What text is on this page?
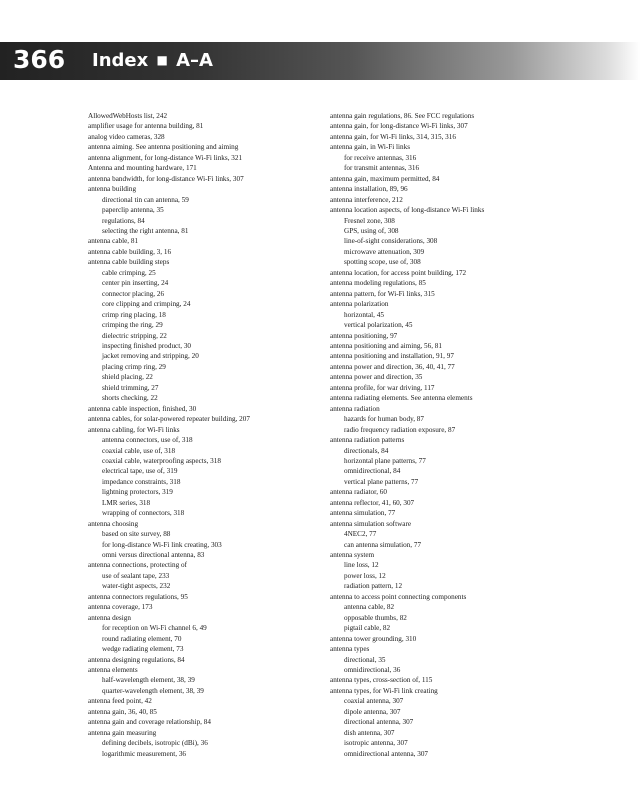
366 Index ■ A–A
AllowedWebHosts list, 242
amplifier usage for antenna building, 81
analog video cameras, 328
antenna aiming. See antenna positioning and aiming
antenna alignment, for long-distance Wi-Fi links, 321
Antenna and mounting hardware, 171
antenna bandwidth, for long-distance Wi-Fi links, 307
antenna building
directional tin can antenna, 59
paperclip antenna, 35
regulations, 84
selecting the right antenna, 81
antenna cable, 81
antenna cable building, 3, 16
antenna cable building steps
cable crimping, 25
center pin inserting, 24
connector placing, 26
core clipping and crimping, 24
crimp ring placing, 18
crimping the ring, 29
dielectric stripping, 22
inspecting finished product, 30
jacket removing and stripping, 20
placing crimp ring, 29
shield placing, 22
shield trimming, 27
shorts checking, 22
antenna cable inspection, finished, 30
antenna cables, for solar-powered repeater building, 207
antenna cabling, for Wi-Fi links
antenna connectors, use of, 318
coaxial cable, use of, 318
coaxial cable, waterproofing aspects, 318
electrical tape, use of, 319
impedance constraints, 318
lightning protectors, 319
LMR series, 318
wrapping of connectors, 318
antenna choosing
based on site survey, 88
for long-distance Wi-Fi link creating, 303
omni versus directional antenna, 83
antenna connections, protecting of
use of sealant tape, 233
water-tight aspects, 232
antenna connectors regulations, 95
antenna coverage, 173
antenna design
for reception on Wi-Fi channel 6, 49
round radiating element, 70
wedge radiating element, 73
antenna designing regulations, 84
antenna elements
half-wavelength element, 38, 39
quarter-wavelength element, 38, 39
antenna feed point, 42
antenna gain, 36, 40, 85
antenna gain and coverage relationship, 84
antenna gain measuring
defining decibels, isotropic (dBi), 36
logarithmic measurement, 36
antenna gain regulations, 86. See FCC regulations
antenna gain, for long-distance Wi-Fi links, 307
antenna gain, for Wi-Fi links, 314, 315, 316
antenna gain, in Wi-Fi links
for receive antennas, 316
for transmit antennas, 316
antenna gain, maximum permitted, 84
antenna installation, 89, 96
antenna interference, 212
antenna location aspects, of long-distance Wi-Fi links
Fresnel zone, 308
GPS, using of, 308
line-of-sight considerations, 308
microwave attenuation, 309
spotting scope, use of, 308
antenna location, for access point building, 172
antenna modeling regulations, 85
antenna pattern, for Wi-Fi links, 315
antenna polarization
horizontal, 45
vertical polarization, 45
antenna positioning, 97
antenna positioning and aiming, 56, 81
antenna positioning and installation, 91, 97
antenna power and direction, 36, 40, 41, 77
antenna power and direction, 35
antenna profile, for war driving, 117
antenna radiating elements. See antenna elements
antenna radiation
hazards for human body, 87
radio frequency radiation exposure, 87
antenna radiation patterns
directionals, 84
horizontal plane patterns, 77
omnidirectional, 84
vertical plane patterns, 77
antenna radiator, 60
antenna reflector, 41, 60, 307
antenna simulation, 77
antenna simulation software
4NEC2, 77
can antenna simulation, 77
antenna system
line loss, 12
power loss, 12
radiation pattern, 12
antenna to access point connecting components
antenna cable, 82
opposable thumbs, 82
pigtail cable, 82
antenna tower grounding, 310
antenna types
directional, 35
omnidirectional, 36
antenna types, cross-section of, 115
antenna types, for Wi-Fi link creating
coaxial antenna, 307
dipole antenna, 307
directional antenna, 307
dish antenna, 307
isotropic antenna, 307
omnidirectional antenna, 307
